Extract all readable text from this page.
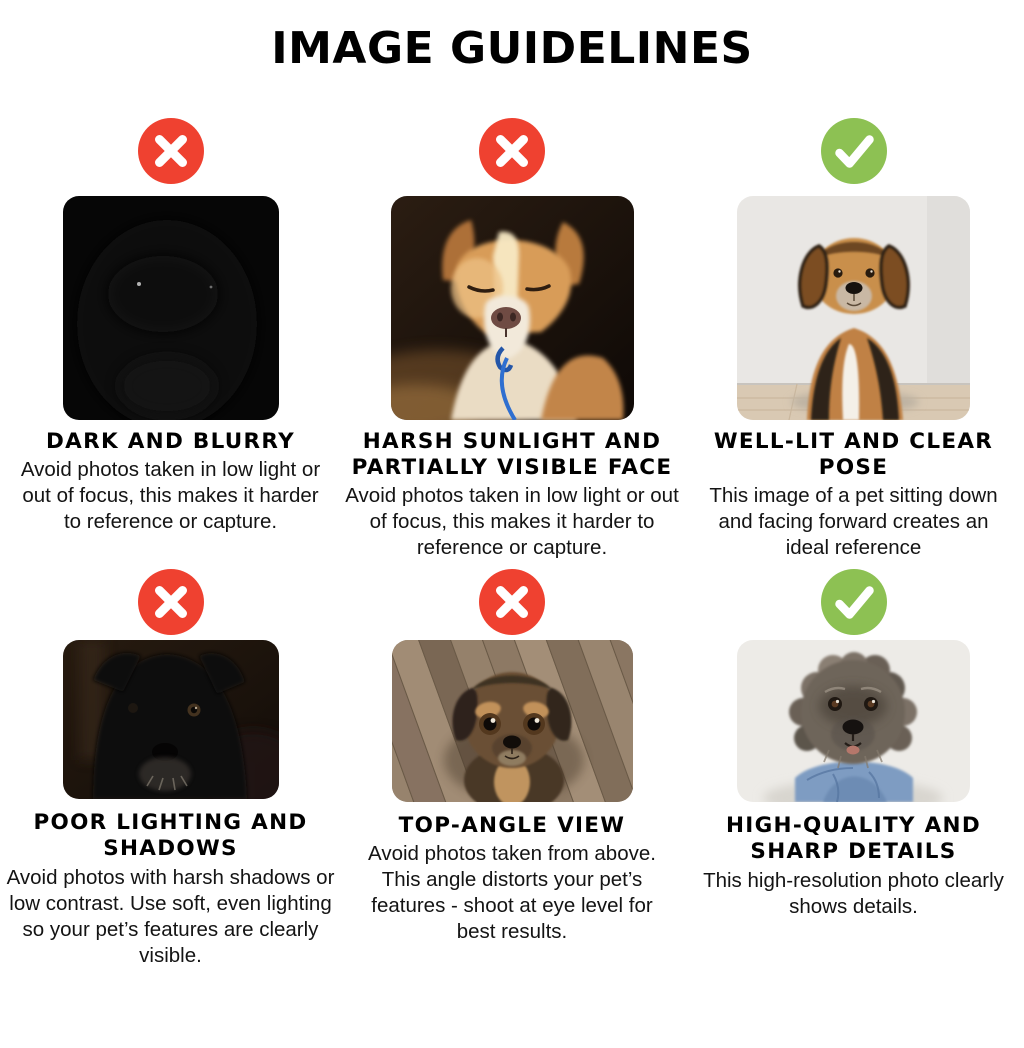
IMAGE GUIDELINES
DARK AND BLURRY

Avoid photos taken in low light or out of focus, this makes it harder to reference or capture.

HARSH SUNLIGHT AND PARTIALLY VISIBLE FACE

Avoid photos taken in low light or out of focus, this makes it harder to reference or capture.

WELL-LIT AND CLEAR POSE

This image of a pet sitting down and facing forward creates an ideal reference

POOR LIGHTING AND SHADOWS

Avoid photos with harsh shadows or low contrast. Use soft, even lighting so your pet’s features are clearly visible.

TOP-ANGLE VIEW

Avoid photos taken from above. This angle distorts your pet’s features - shoot at eye level for best results.

HIGH-QUALITY AND SHARP DETAILS

This high-resolution photo clearly shows details.
